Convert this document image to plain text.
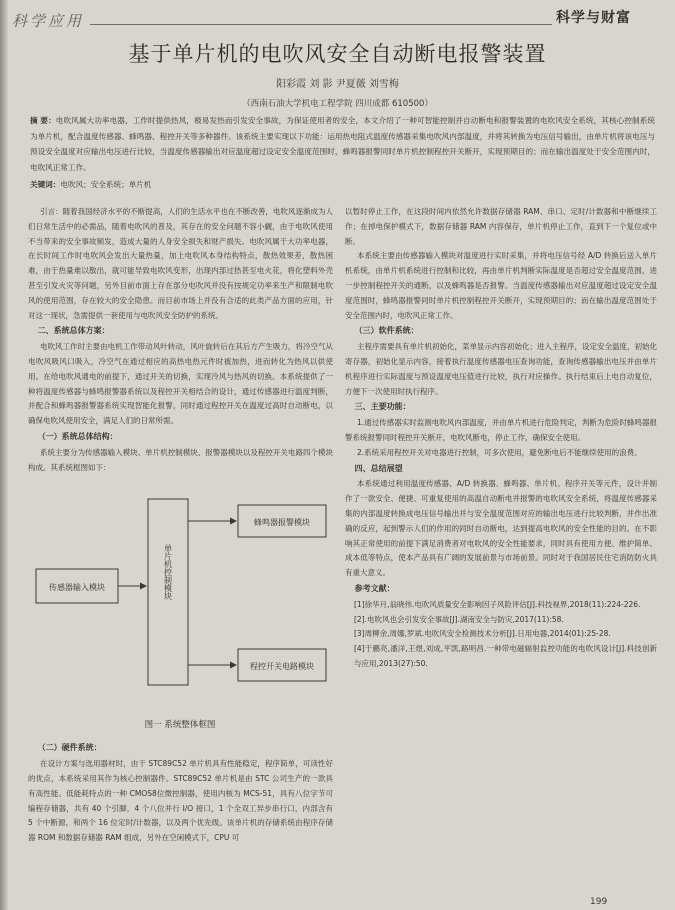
科学应用	科学与财富
基于单片机的电吹风安全自动断电报警装置
阳彩霞 刘 影 尹夏薇 刘雪梅
（西南石油大学机电工程学院 四川成都 610500）
摘 要：电吹风属大功率电器，工作时提供热风，极易发热而引发安全事故，为保证使用者的安全，本文介绍了一种可智能控制并自动断电和报警装置的电吹风安全系统，其核心控制系统为单片机，配合温度传感器、蜂鸣器、程控开关等多种器件。该系统主要实现以下功能：运用热电阻式温度传感器采集电吹风内部温度，并将其转换为电压信号输出，由单片机将该电压与预设安全温度对应输出电压进行比较，当温度传感器输出对应温度超过设定安全温度范围时，蜂鸣器报警同时单片机控制程控开关断开，实现预期目的；而在输出温度处于安全范围内时，电吹风正常工作。
关键词：电吹风；安全系统；单片机

引言：随着我国经济水平的不断提高，人们的生活水平也在不断改善，电吹风逐渐成为人们日常生活中的必需品，随着电吹风的普及，其存在的安全问题不容小觑，由于电吹风使用不当带来的安全事故频发，造成大量的人身安全损失和财产损失。电吹风属于大功率电器，在长时间工作时电吹风会发出大量热量，加上电吹风本身结构特点，散热效果差，散热困难，由于热量难以散出，就可能导致电吹风变形，出现内部过热甚至电火花，将化塑料外壳甚至引发火灾等问题，另外目前市面上存在部分电吹风并没有按规定功率来生产和限制电吹风的使用范围，存在较大的安全隐患。而目前市场上并没有合适的此类产品方面的应用，针对这一现状，急需提供一套使用与电吹风安全防护的系统。

二、系统总体方案：

电吹风工作时主要由电机工作带动风叶转动，风叶旋转后在其后方产生吸力，将冷空气从电吹风吸风口吸入，冷空气在通过相应的高热电热元件时被加热，进而转化为热风以供使用。在给电吹风通电的前提下，通过开关的切换，实现冷风与热风的切换。本系统提供了一种将温度传感器与蜂鸣报警器系统以及程控开关相结合的设计，通过传感器进行温度判断，并配合和蜂鸣器报警器系统实现智能化报警，同时通过程控开关在温度过高时自动断电，以确保电吹风使用安全，满足人们的日常所需。

（一）系统总体结构：

系统主要分为传感器输入模块、单片机控制模块、报警器模块以及程控开关电路四个模块构成。其系统框图如下：

传感器输入模块	单片机控制模块
蜂鸣器报警模块
程控开关电路模块
图一 系统整体框图
（二）硬件系统：

在设计方案与选用器材时，由于 STC89C52 单片机具有性能稳定，程序简单，可读性好的优点，本系统采用其作为核心控制器件。STC89C52 单片机是由 STC 公司生产的一款具有高性能、低能耗特点的一种 CMOS8位微控制器，使用内核为 MCS-51，具有八位字节可编程存储器，共有 40 个引脚，4 个八位并行 I/O 接口，1 个全双工异步串行口，内部含有 5 个中断源，和两个 16 位定时/计数器，以及两个优先级。该单片机的存储系统由程序存储器 ROM 和数据存储器 RAM 组成，另外在空闲模式下，CPU 可

以暂时停止工作，在这段时间内依然允许数据存储器 RAM、串口、定时/计数器和中断继续工作；在掉电保护模式下，数据存储器 RAM 内容保存，单片机停止工作，直到下一个复位或中断。

本系统主要由传感器输入模块对温度进行实时采集，并将电压信号经 A/D 转换后送入单片机系统，由单片机系统进行控制和比较，再由单片机判断实际温度是否超过安全温度范围，进一步控制程控开关的通断，以及蜂鸣器是否报警。当温度传感器输出对应温度超过设定安全温度范围时，蜂鸣器报警同时单片机控制程控开关断开，实现预期目的；而在输出温度范围处于安全范围内时，电吹风正常工作。

（三）软件系统：

主程序需要具有单片机初始化，菜单显示内容初始化；进入主程序，设定安全温度，初始化寄存器，初始化显示内容，接着执行温度传感器电压查询功能，查询传感器输出电压并由单片机程序进行实际温度与预设温度电压值进行比较，执行对应操作。执行结束后上电自动复位，方便下一次使用时执行程序。

三、主要功能：

1.通过传感器实时监测电吹风内部温度，并由单片机进行危险判定，判断为危险时蜂鸣器报警系统报警同时程控开关断开，电吹风断电，停止工作，确保安全使用。

2.系统采用程控开关对电器进行控制，可多次使用，避免断电后不能继续使用的浪费。

四、总结展望

本系统通过利用温度传感器、A/D 转换器、蜂鸣器、单片机、程序开关等元件，设计并制作了一款安全、便捷、可重复使用的高温自动断电并报警的电吹风安全系统，将温度传感器采集的内部温度转换成电压信号输出并与安全温度范围对应的输出电压进行比较判断，并作出准确的反应，起到警示人们的作用的同时自动断电，达到提高电吹风的安全性能的目的。在不影响其正常使用的前提下满足消费者对电吹风的安全性能要求，同时具有使用方便、维护简单、成本低等特点，使本产品具有广阔的发展前景与市场前景。同时对于我国居民住宅消防防火具有重大意义。

参考文献：

[1]徐华月,翁晓伟.电吹风质量安全影响因子风险评估[J].科技视界,2018(11):224-226.

[2].电吹风也会引发安全事故[J].湖南安全与防灾,2017(11):58.

[3]周柳余,周娜,罗斌.电吹风安全检测技术分析[J].日用电器,2014(01):25-28.

[4]于鹏亮,潘洋,王煜,刘成,平凯,路明昌.一种带电磁辐射监控功能的电吹风设计[J].科技创新与应用,2013(27):50.

199
